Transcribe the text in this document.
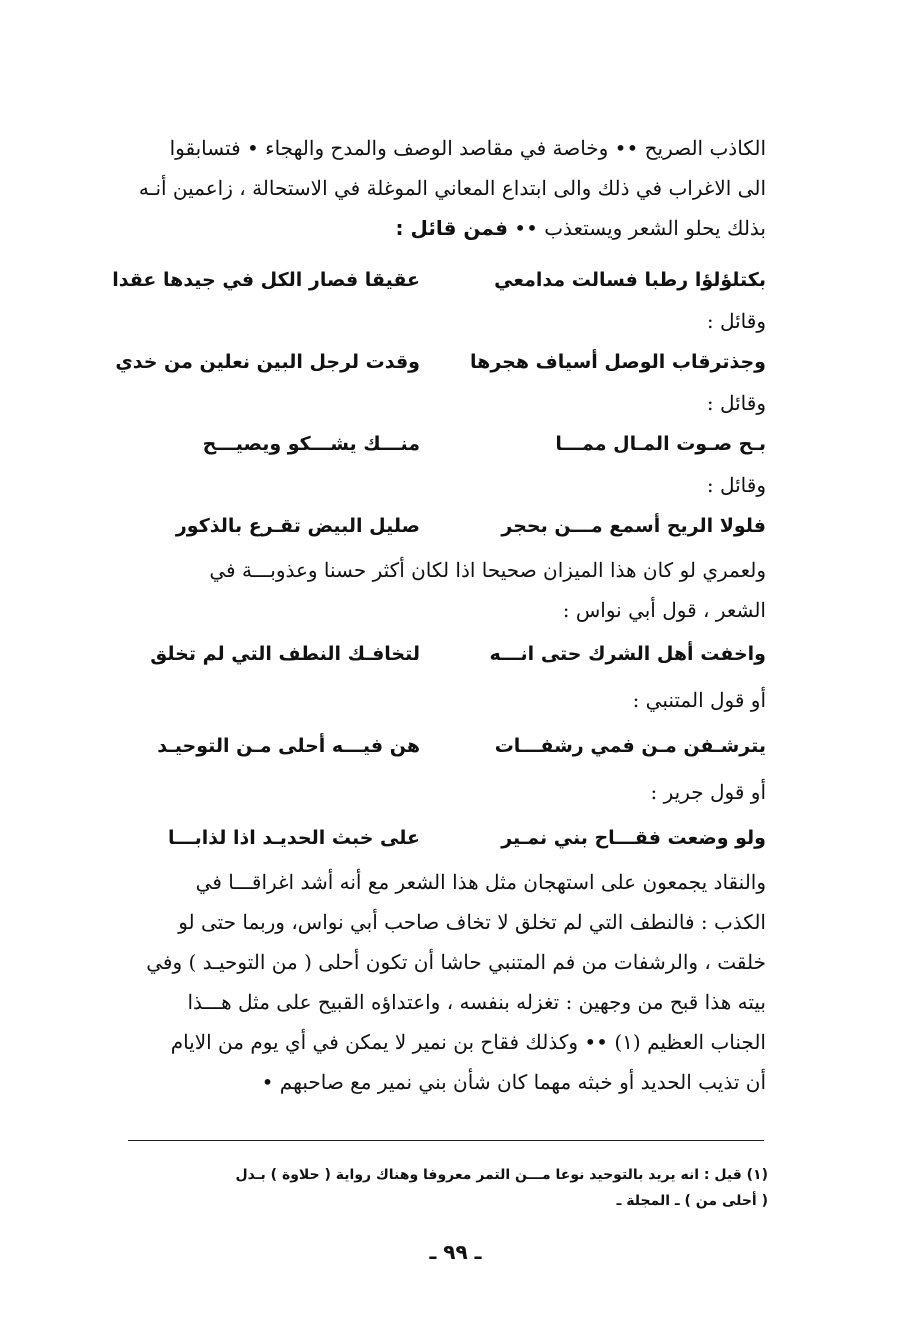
الكاذب الصريح •• وخاصة في مقاصد الوصف والمدح والهجاء • فتسابقوا
الى الاغراب في ذلك والى ابتداع المعاني الموغلة في الاستحالة ، زاعمين أنـه
بذلك يحلو الشعر ويستعذب •• فمن قائل :

بكتلؤلؤا رطبا فسالت مدامعي
عقيقا فصار الكل في جيدها عقدا

وقائل :

وجذترقاب الوصل أسياف هجرها
وقدت لرجل البين نعلين من خدي

وقائل :

بـح صـوت المـال ممـــا
منـــك يشـــكو ويصيـــح

وقائل :

فلولا الريح أسمع مـــن بحجر
صليل البيض تقـرع بالذكور

ولعمري لو كان هذا الميزان صحيحا اذا لكان أكثر حسنا وعذوبـــة في
الشعر ، قول أبي نواس :

واخفت أهل الشرك حتى انـــه
لتخافـك النطف التي لم تخلق

أو قول المتنبي :

يترشـفن مـن فمي رشفـــات
هن فيـــه أحلى مـن التوحيـد

أو قول جرير :

ولو وضعت فقـــاح بني نمـير
على خبث الحديـد اذا لذابـــا

والنقاد يجمعون على استهجان مثل هذا الشعر مع أنه أشد اغراقـــا في
الكذب : فالنطف التي لم تخلق لا تخاف صاحب أبي نواس، وربما حتى لو
خلقت ، والرشفات من فم المتنبي حاشا أن تكون أحلى ( من التوحيـد ) وفي
بيته هذا قبح من وجهين : تغزله بنفسه ، واعتداؤه القبيح على مثل هـــذا
الجناب العظيم (١) •• وكذلك فقاح بن نمير لا يمكن في أي يوم من الايام
أن تذيب الحديد أو خبثه مهما كان شأن بني نمير مع صاحبهم •

(١) قيل : انه يريد بالتوحيد نوعا مـــن التمر معروفا وهناك رواية ( حلاوة ) بـدل
( أحلى من ) ـ المجلة ـ
ـ ٩٩ ـ
